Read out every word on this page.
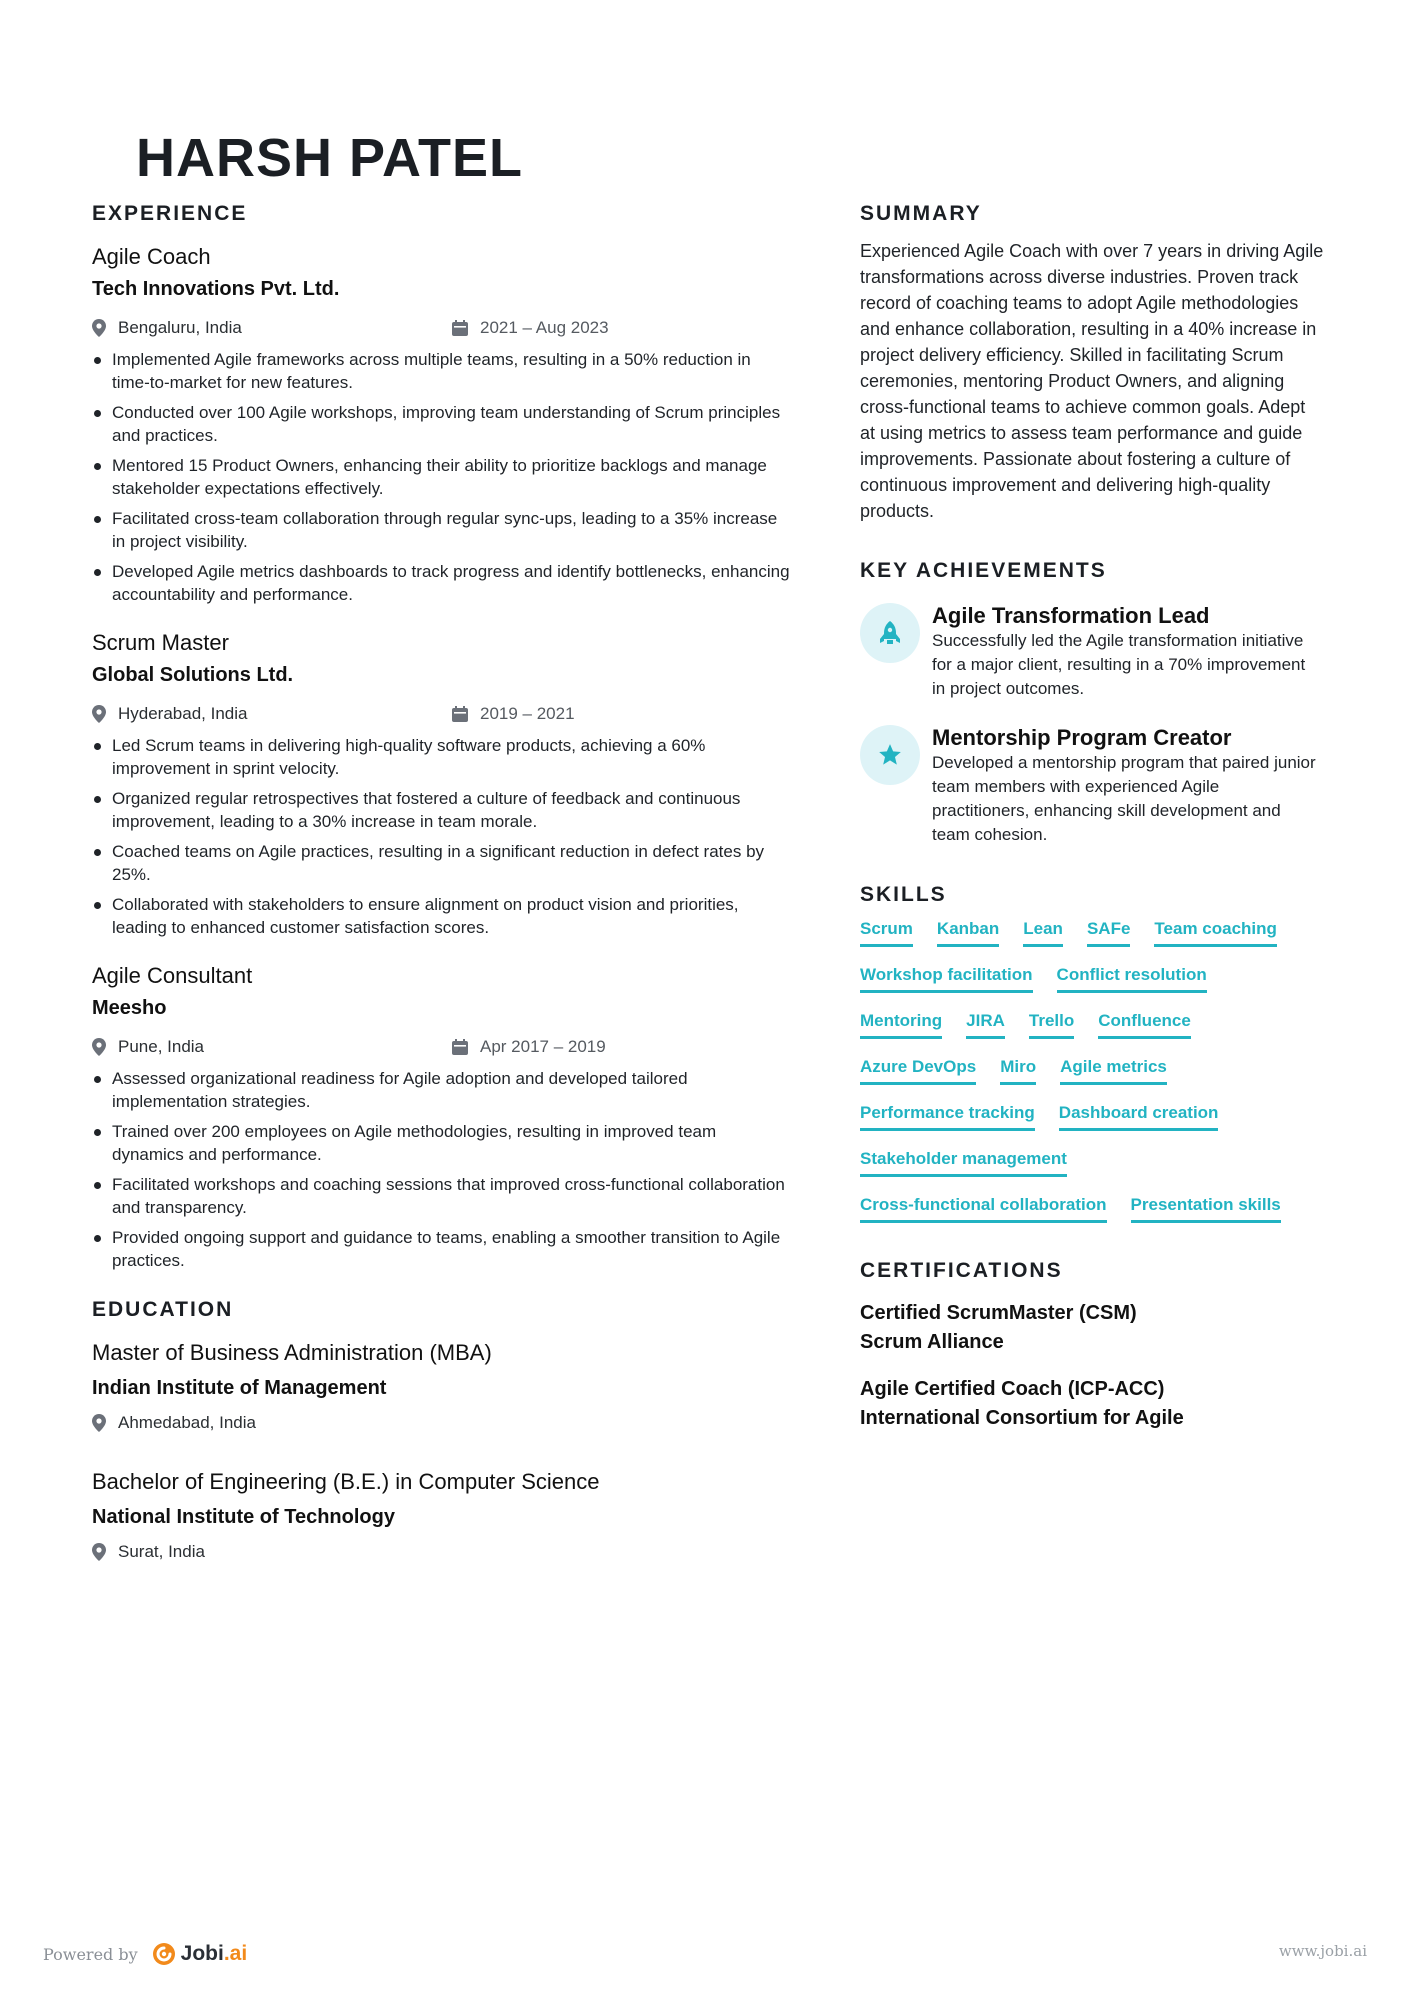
HARSH PATEL
EXPERIENCE
Agile Coach
Tech Innovations Pvt. Ltd.
Bengaluru, India	2021 – Aug 2023
Implemented Agile frameworks across multiple teams, resulting in a 50% reduction in time-to-market for new features.
Conducted over 100 Agile workshops, improving team understanding of Scrum principles and practices.
Mentored 15 Product Owners, enhancing their ability to prioritize backlogs and manage stakeholder expectations effectively.
Facilitated cross-team collaboration through regular sync-ups, leading to a 35% increase in project visibility.
Developed Agile metrics dashboards to track progress and identify bottlenecks, enhancing accountability and performance.
Scrum Master
Global Solutions Ltd.
Hyderabad, India	2019 – 2021
Led Scrum teams in delivering high-quality software products, achieving a 60% improvement in sprint velocity.
Organized regular retrospectives that fostered a culture of feedback and continuous improvement, leading to a 30% increase in team morale.
Coached teams on Agile practices, resulting in a significant reduction in defect rates by 25%.
Collaborated with stakeholders to ensure alignment on product vision and priorities, leading to enhanced customer satisfaction scores.
Agile Consultant
Meesho
Pune, India	Apr 2017 – 2019
Assessed organizational readiness for Agile adoption and developed tailored implementation strategies.
Trained over 200 employees on Agile methodologies, resulting in improved team dynamics and performance.
Facilitated workshops and coaching sessions that improved cross-functional collaboration and transparency.
Provided ongoing support and guidance to teams, enabling a smoother transition to Agile practices.
EDUCATION
Master of Business Administration (MBA)
Indian Institute of Management
Ahmedabad, India
Bachelor of Engineering (B.E.) in Computer Science
National Institute of Technology
Surat, India
SUMMARY
Experienced Agile Coach with over 7 years in driving Agile transformations across diverse industries. Proven track record of coaching teams to adopt Agile methodologies and enhance collaboration, resulting in a 40% increase in project delivery efficiency. Skilled in facilitating Scrum ceremonies, mentoring Product Owners, and aligning cross-functional teams to achieve common goals. Adept at using metrics to assess team performance and guide improvements. Passionate about fostering a culture of continuous improvement and delivering high-quality products.
KEY ACHIEVEMENTS
Agile Transformation Lead
Successfully led the Agile transformation initiative for a major client, resulting in a 70% improvement in project outcomes.
Mentorship Program Creator
Developed a mentorship program that paired junior team members with experienced Agile practitioners, enhancing skill development and team cohesion.
SKILLS
Scrum Kanban Lean SAFe Team coaching
Workshop facilitation Conflict resolution
Mentoring JIRA Trello Confluence
Azure DevOps Miro Agile metrics
Performance tracking Dashboard creation
Stakeholder management
Cross-functional collaboration Presentation skills
CERTIFICATIONS
Certified ScrumMaster (CSM)
Scrum Alliance
Agile Certified Coach (ICP-ACC)
International Consortium for Agile
Powered by Jobi .ai	www.jobi.ai
